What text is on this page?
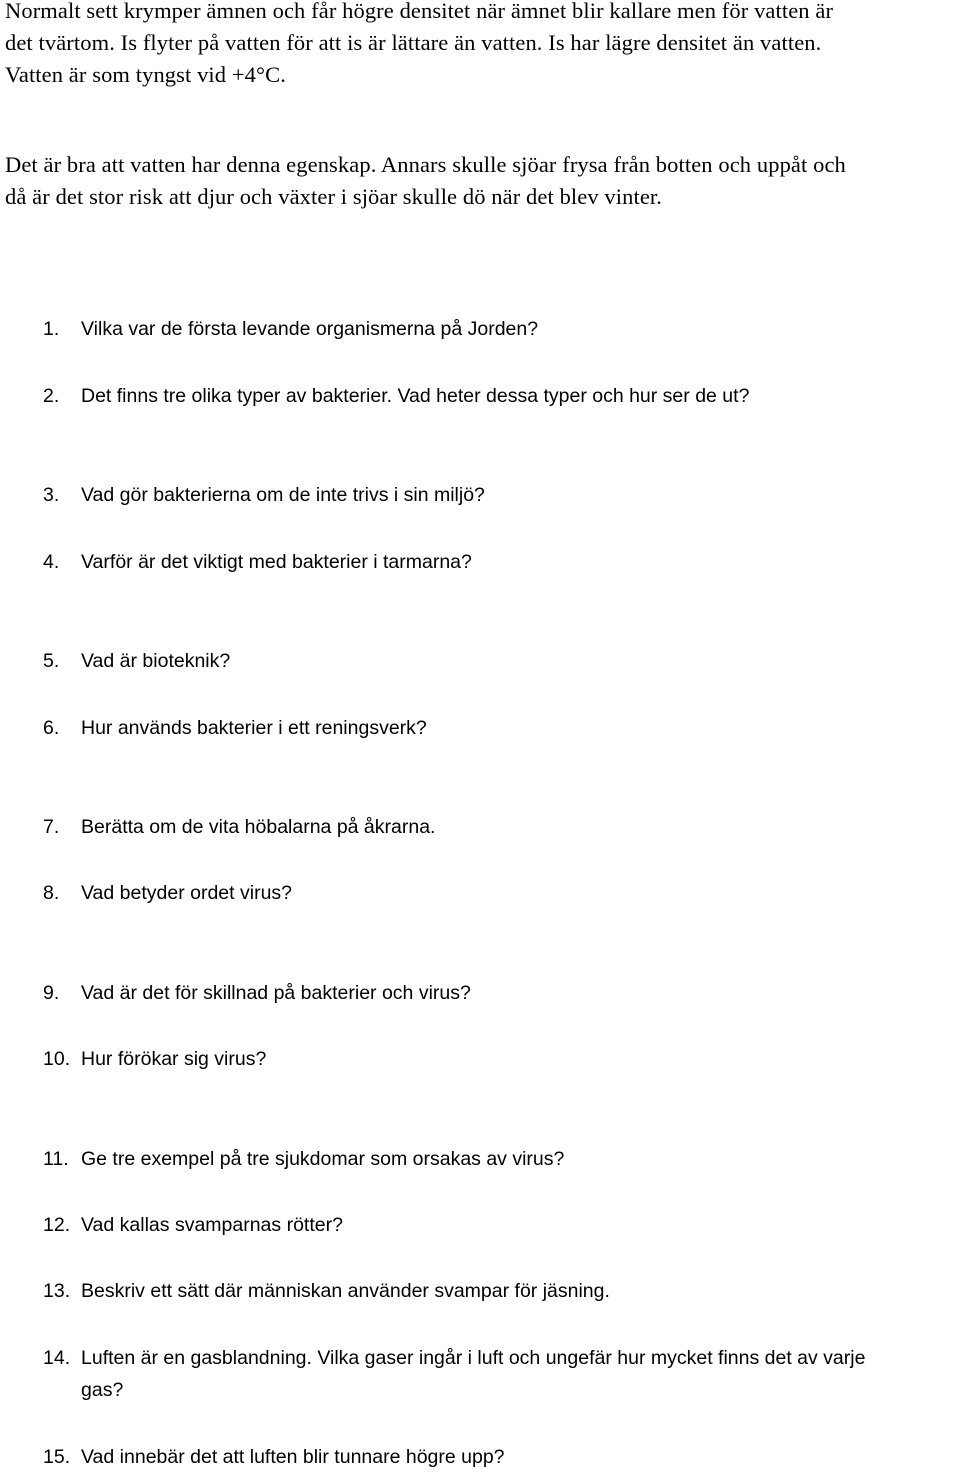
Normalt sett krymper ämnen och får högre densitet när ämnet blir kallare men för vatten är
det tvärtom. Is flyter på vatten för att is är lättare än vatten. Is har lägre densitet än vatten.
Vatten är som tyngst vid +4°C.

Det är bra att vatten har denna egenskap. Annars skulle sjöar frysa från botten och uppåt och
då är det stor risk att djur och växter i sjöar skulle dö när det blev vinter.

1.	Vilka var de första levande organismerna på Jorden?
2.	Det finns tre olika typer av bakterier. Vad heter dessa typer och hur ser de ut?
3.	Vad gör bakterierna om de inte trivs i sin miljö?
4.	Varför är det viktigt med bakterier i tarmarna?
5.	Vad är bioteknik?
6.	Hur används bakterier i ett reningsverk?
7.	Berätta om de vita höbalarna på åkrarna.
8.	Vad betyder ordet virus?
9.	Vad är det för skillnad på bakterier och virus?
10. Hur förökar sig virus?
11. Ge tre exempel på tre sjukdomar som orsakas av virus?
12. Vad kallas svamparnas rötter?
13. Beskriv ett sätt där människan använder svampar för jäsning.
14. Luften är en gasblandning. Vilka gaser ingår i luft och ungefär hur mycket finns det av varje
gas?
15. Vad innebär det att luften blir tunnare högre upp?
